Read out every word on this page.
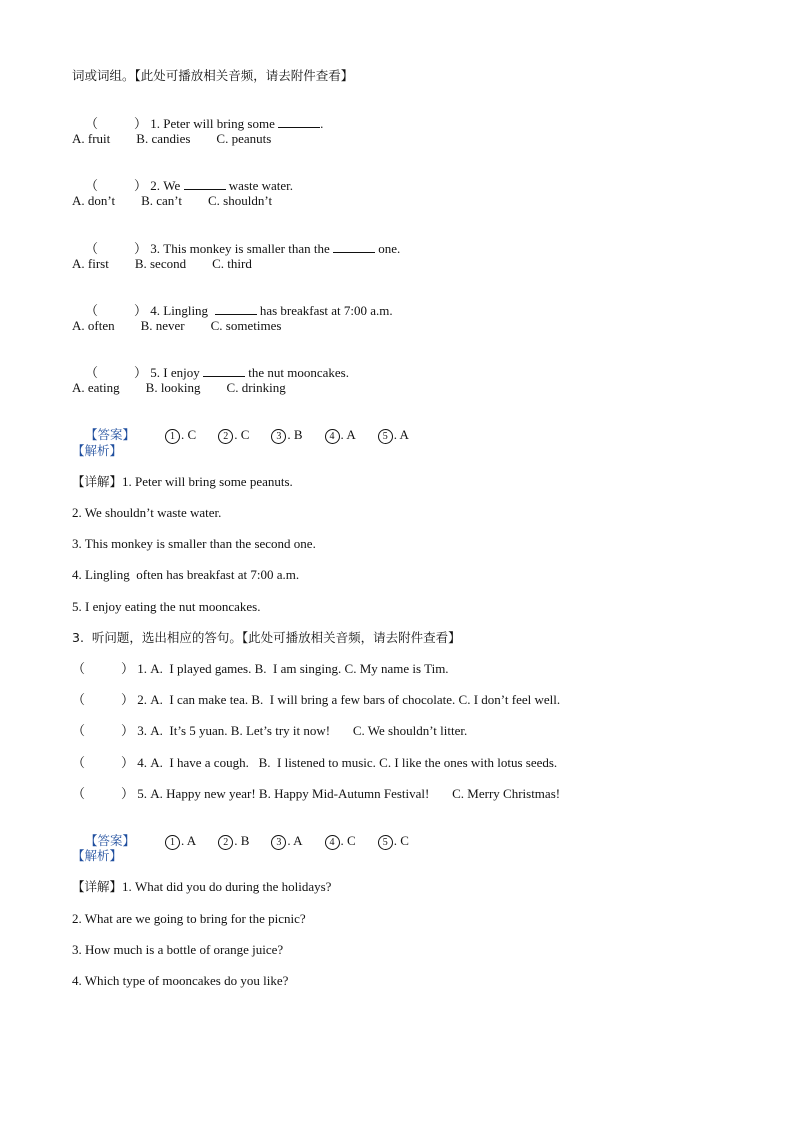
词或词组。【此处可播放相关音频，请去附件查看】

（	） 1. Peter will bring some	.

A. fruit        B. candies        C. peanuts

（	） 2. We	waste water.

A. don’t        B. can’t        C. shouldn’t

（	） 3. This monkey is smaller than the	one.

A. first        B. second        C. third

（	） 4. Lingling	has breakfast at 7:00 a.m.

A. often        B. never        C. sometimes

（	） 5. I enjoy	the nut mooncakes.

A. eating        B. looking        C. drinking

【答案】	1 . C	2 . C	3 . B	4 . A	5 . A

【解析】
【详解】1. Peter will bring some peanuts.
2. We shouldn’t waste water.
3. This monkey is smaller than the second one.
4. Lingling  often has breakfast at 7:00 a.m.
5. I enjoy eating the nut mooncakes.
3.  听问题，选出相应的答句。【此处可播放相关音频，请去附件查看】
（	） 1. A.  I played games. B.  I am singing. C. My name is Tim.
（	） 2. A.  I can make tea. B.  I will bring a few bars of chocolate. C. I don’t feel well.
（	） 3. A.  It’s 5 yuan. B. Let’s try it now!       C. We shouldn’t litter.
（	） 4. A.  I have a cough.   B.  I listened to music. C. I like the ones with lotus seeds.
（	） 5. A. Happy new year! B. Happy Mid-Autumn Festival!       C. Merry Christmas!

【答案】	1 . A	2 . B	3 . A	4 . C	5 . C

【解析】
【详解】1. What did you do during the holidays?
2. What are we going to bring for the picnic?
3. How much is a bottle of orange juice?
4. Which type of mooncakes do you like?
